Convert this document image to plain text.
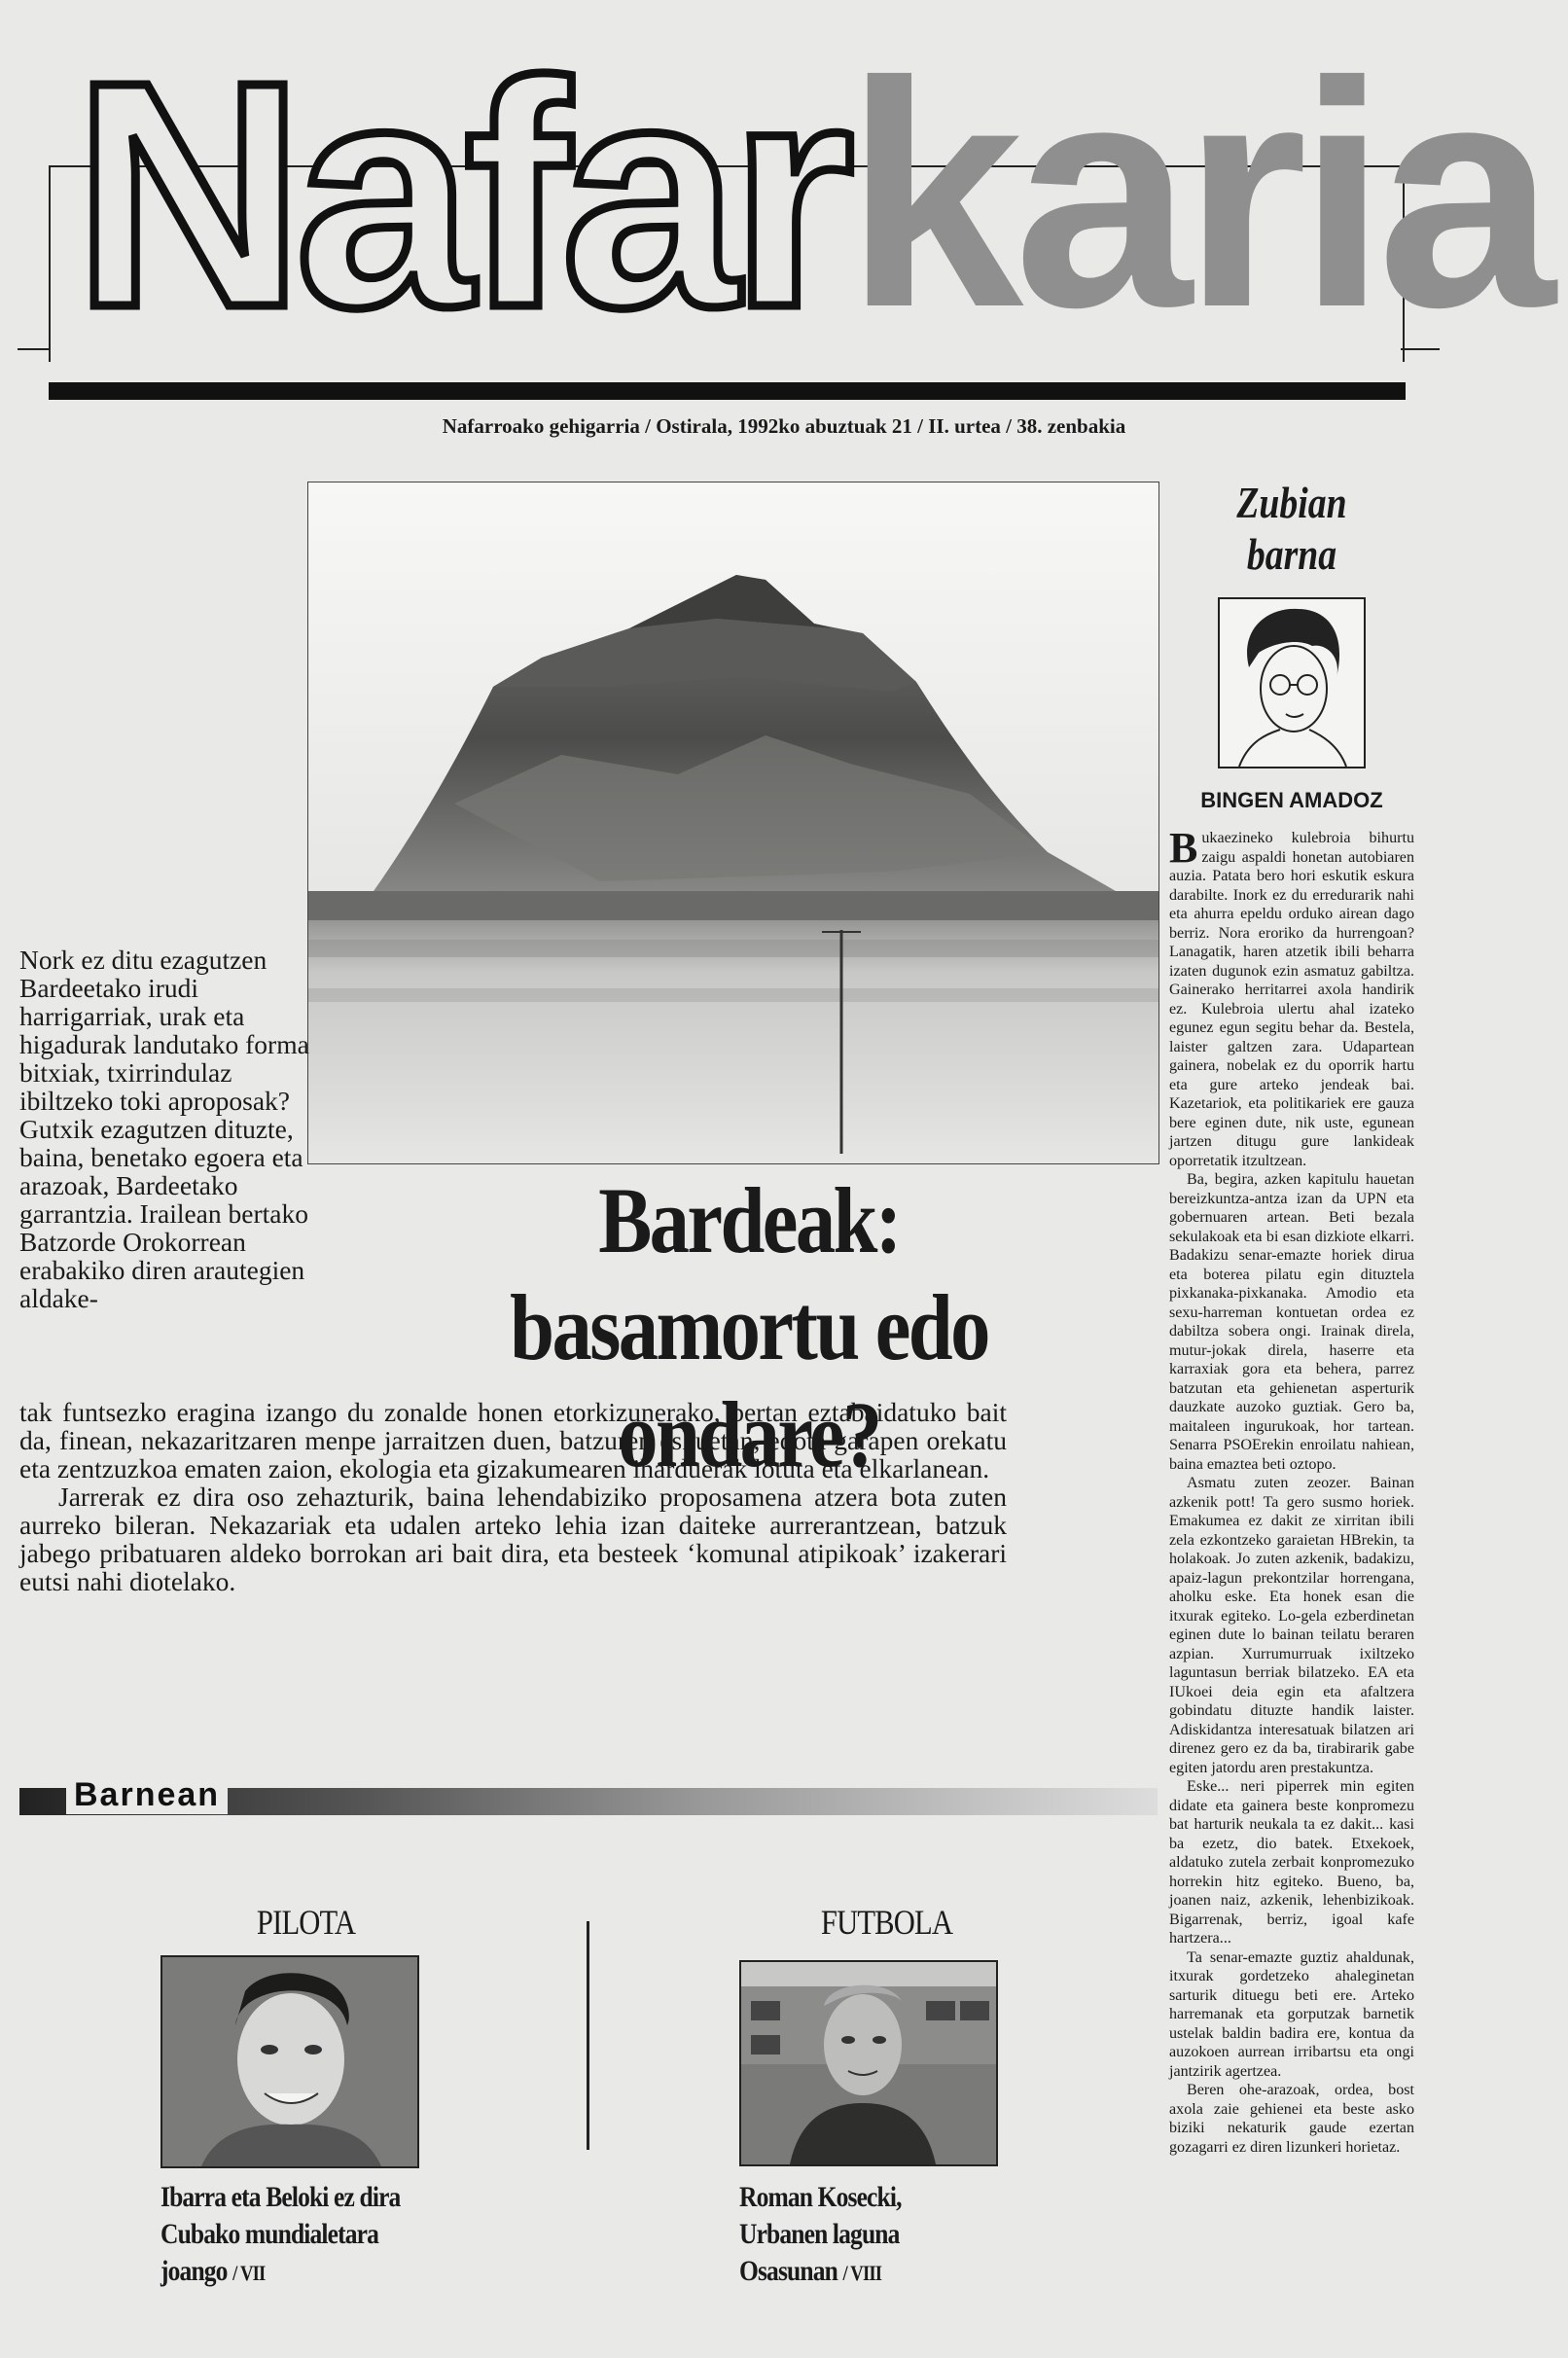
Nafarkaria
Nafarroako gehigarria / Ostirala, 1992ko abuztuak 21 / II. urtea / 38. zenbakia

Nork ez ditu ezagutzen Bardeetako irudi harrigarriak, urak eta higadurak landutako forma bitxiak, txirrindulaz ibiltzeko toki aproposak? Gutxik ezagutzen dituzte, baina, benetako egoera eta arazoak, Bardeetako garrantzia. Irailean bertako Batzorde Orokorrean erabakiko diren arautegien aldake-

Bardeak:
basamortu edo ondare?

tak funtsezko eragina izango du zonalde honen etorkizunerako, bertan eztabaidatuko bait da, finean, nekazaritzaren menpe jarraitzen duen, batzuren eskuetan, edota garapen orekatu eta zentzuzkoa ematen zaion, ekologia eta gizakumearen iharduerak lotuta eta elkarlanean.

Jarrerak ez dira oso zehazturik, baina lehendabiziko proposamena atzera bota zuten aurreko bileran. Nekazariak eta udalen arteko lehia izan daiteke aurrerantzean, batzuk jabego pribatuaren aldeko borrokan ari bait dira, eta besteek ‘komunal atipikoak’ izakerari eutsi nahi diotelako.

Zubian barna
BINGEN AMADOZ

Bukaezineko kulebroia bihurtu zaigu aspaldi honetan autobiaren auzia. Patata bero hori eskutik eskura darabilte. Inork ez du erredurarik nahi eta ahurra epeldu orduko airean dago berriz. Nora eroriko da hurrengoan? Lanagatik, haren atzetik ibili beharra izaten dugunok ezin asmatuz gabiltza. Gainerako herritarrei axola handirik ez. Kulebroia ulertu ahal izateko egunez egun segitu behar da. Bestela, laister galtzen zara. Udapartean gainera, nobelak ez du oporrik hartu eta gure arteko jendeak bai. Kazetariok, eta politikariek ere gauza bere eginen dute, nik uste, egunean jartzen ditugu gure lankideak oporretatik itzultzean.

Ba, begira, azken kapitulu hauetan bereizkuntza-antza izan da UPN eta gobernuaren artean. Beti bezala sekulakoak eta bi esan dizkiote elkarri. Badakizu senar-emazte horiek dirua eta boterea pilatu egin dituztela pixkanaka-pixkanaka. Amodio eta sexu-harreman kontuetan ordea ez dabiltza sobera ongi. Irainak direla, mutur-jokak direla, haserre eta karraxiak gora eta behera, parrez batzutan eta gehienetan asperturik dauzkate auzoko guztiak. Gero ba, maitaleen ingurukoak, hor tartean. Senarra PSOErekin enroilatu nahiean, baina emaztea beti oztopo.

Asmatu zuten zeozer. Bainan azkenik pott! Ta gero susmo horiek. Emakumea ez dakit ze xirritan ibili zela ezkontzeko garaietan HBrekin, ta holakoak. Jo zuten azkenik, badakizu, apaiz-lagun prekontzilar horrengana, aholku eske. Eta honek esan die itxurak egiteko. Lo-gela ezberdinetan eginen dute lo bainan teilatu beraren azpian. Xurrumurruak ixiltzeko laguntasun berriak bilatzeko. EA eta IUkoei deia egin eta afaltzera gobindatu dituzte handik laister. Adiskidantza interesatuak bilatzen ari direnez gero ez da ba, tirabirarik gabe egiten jatordu aren prestakuntza.

Eske... neri piperrek min egiten didate eta gainera beste konpromezu bat harturik neukala ta ez dakit... kasi ba ezetz, dio batek. Etxekoek, aldatuko zutela zerbait konpromezuko horrekin hitz egiteko. Bueno, ba, joanen naiz, azkenik, lehenbizikoak. Bigarrenak, berriz, igoal kafe hartzera...

Ta senar-emazte guztiz ahaldunak, itxurak gordetzeko ahaleginetan sarturik dituegu beti ere. Arteko harremanak eta gorputzak barnetik ustelak baldin badira ere, kontua da auzokoen aurrean irribartsu eta ongi jantzirik agertzea.

Beren ohe-arazoak, ordea, bost axola zaie gehienei eta beste asko biziki nekaturik gaude ezertan gozagarri ez diren lizunkeri horietaz.

Barnean
PILOTA
Ibarra eta Beloki ez dira
Cubako mundialetara
joango / VII
FUTBOLA
Roman Kosecki,
Urbanen laguna
Osasunan / VIII
